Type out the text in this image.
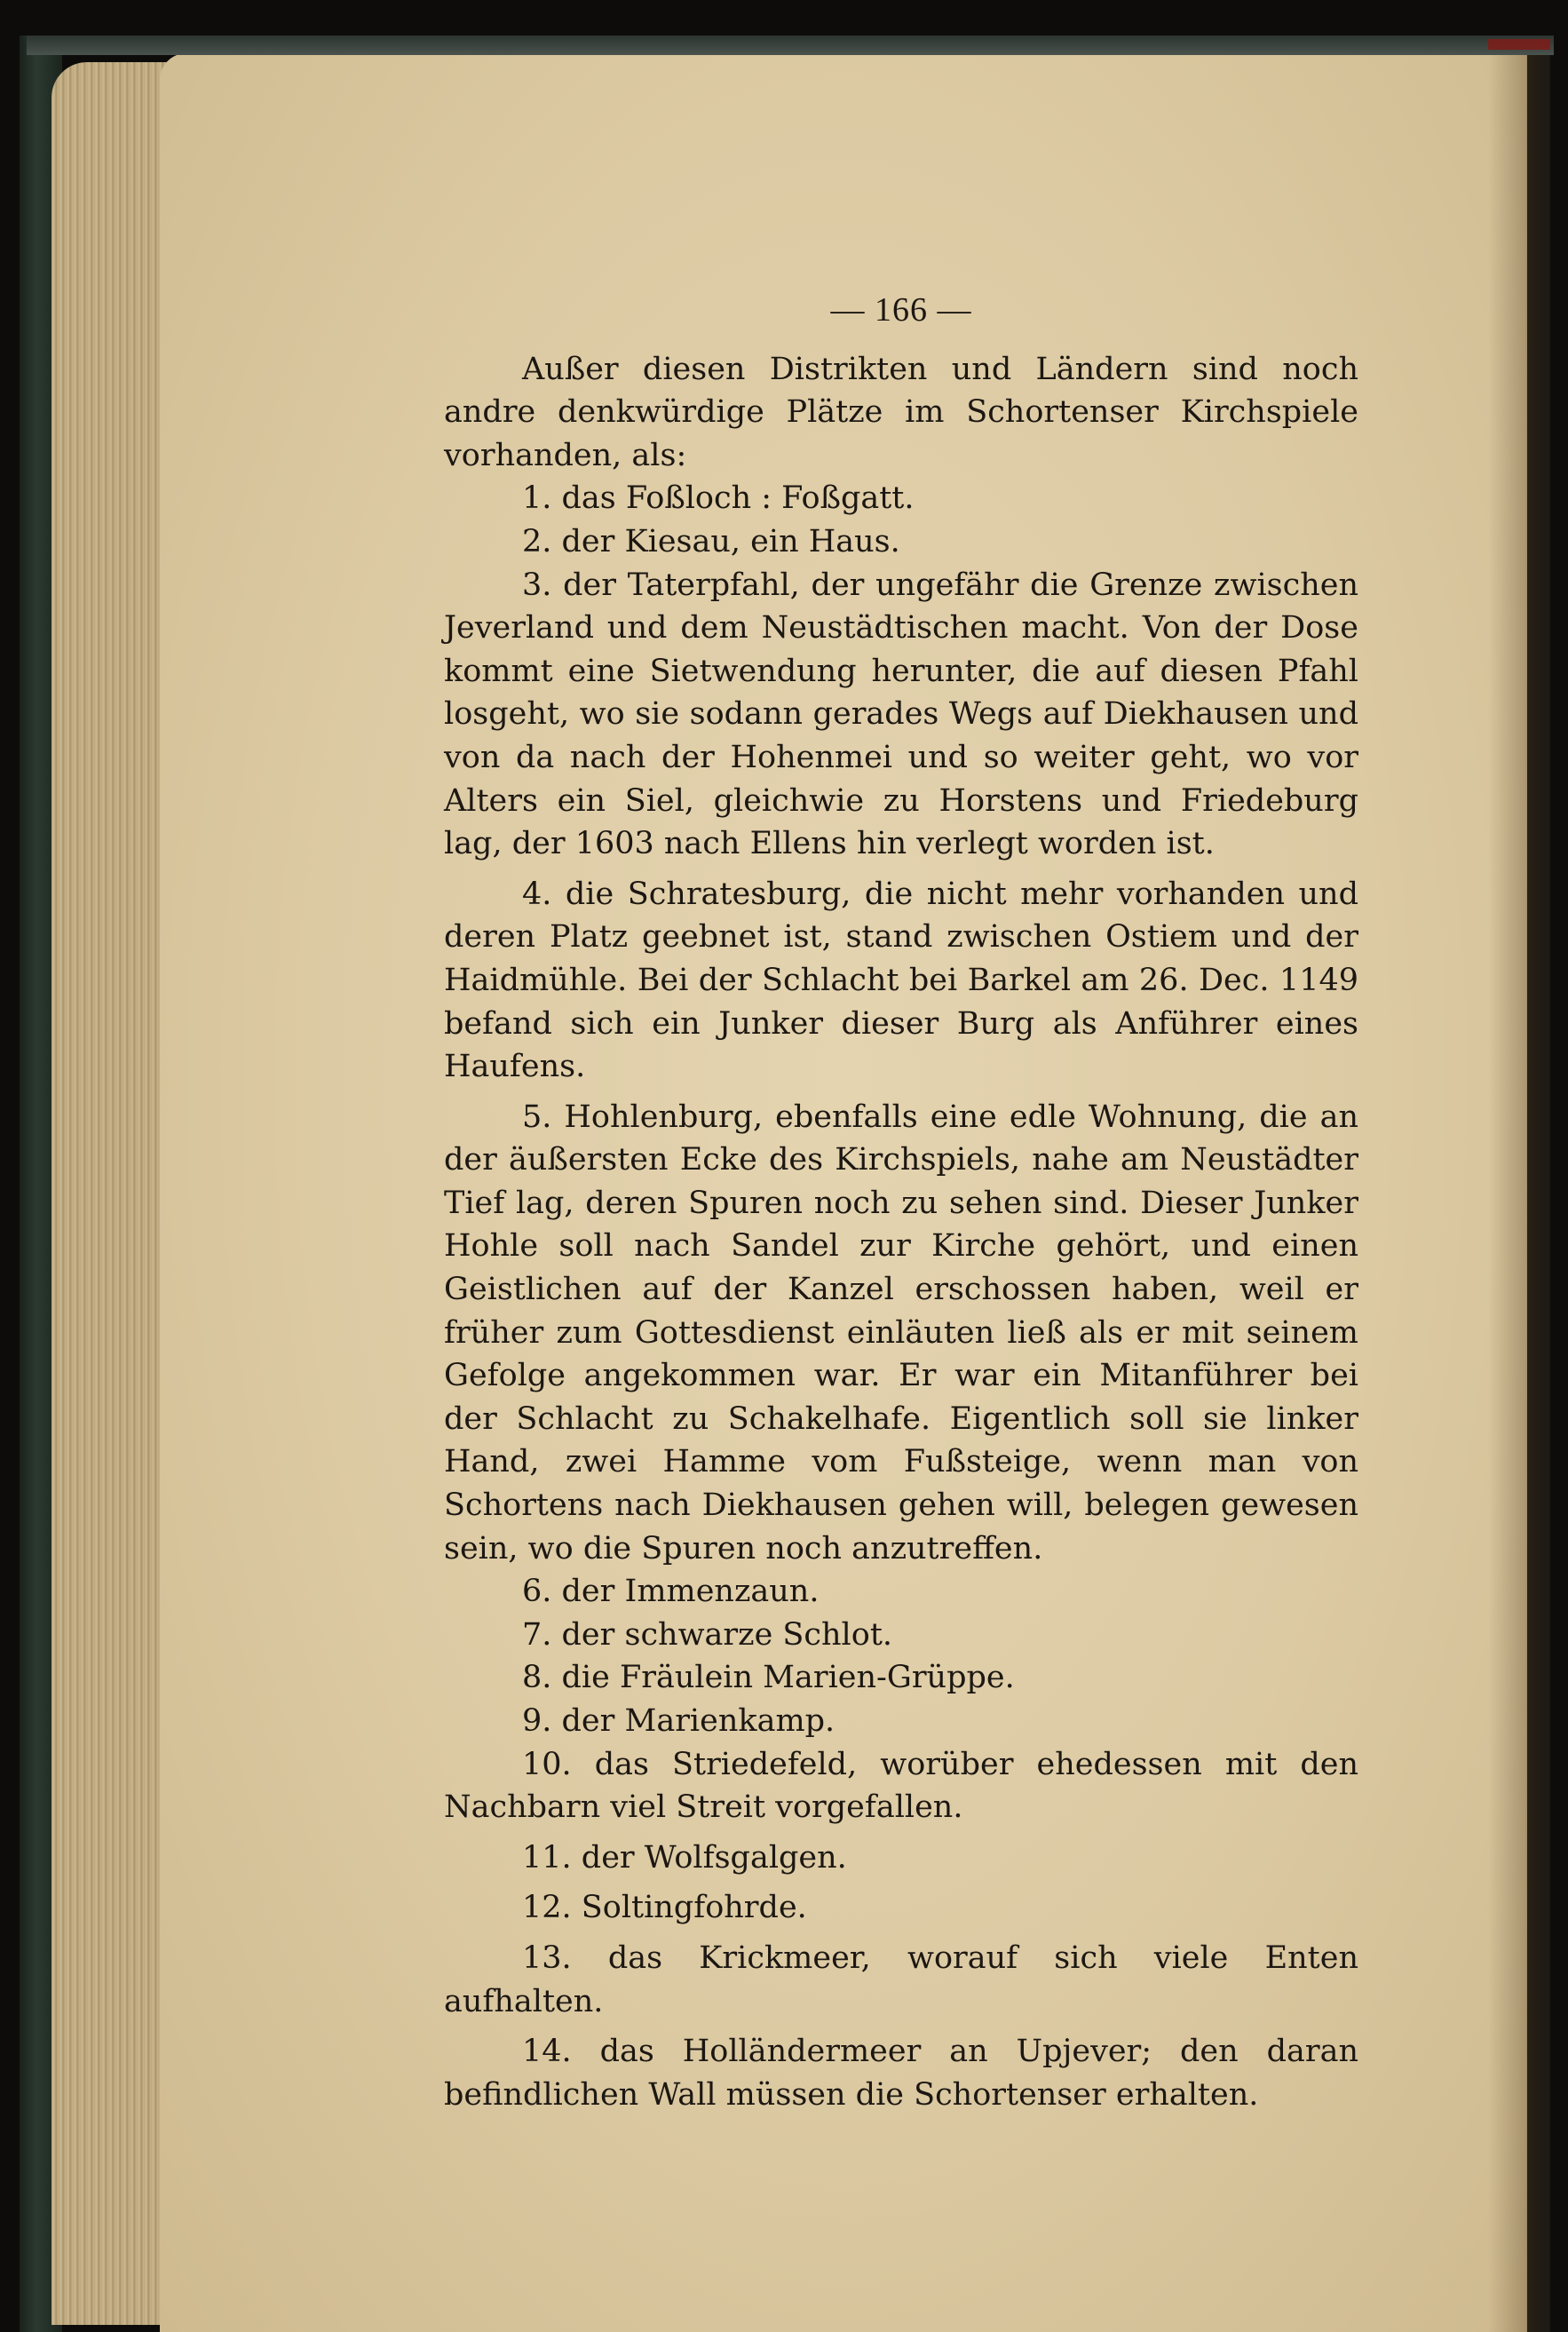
— 166 —

Außer diesen Distrikten und Ländern sind noch andre denkwürdige Plätze im Schortenser Kirchspiele vorhanden, als:

1. das Foßloch : Foßgatt.

2. der Kiesau, ein Haus.

3. der Taterpfahl, der ungefähr die Grenze zwischen Jeverland und dem Neustädtischen macht. Von der Dose kommt eine Sietwendung herunter, die auf diesen Pfahl losgeht, wo sie sodann gerades Wegs auf Diekhausen und von da nach der Hohenmei und so weiter geht, wo vor Alters ein Siel, gleichwie zu Horstens und Friedeburg lag, der 1603 nach Ellens hin verlegt worden ist.

4. die Schratesburg, die nicht mehr vorhanden und deren Platz geebnet ist, stand zwischen Ostiem und der Haidmühle. Bei der Schlacht bei Barkel am 26. Dec. 1149 befand sich ein Junker dieser Burg als Anführer eines Haufens.

5. Hohlenburg, ebenfalls eine edle Wohnung, die an der äußersten Ecke des Kirchspiels, nahe am Neustädter Tief lag, deren Spuren noch zu sehen sind. Dieser Junker Hohle soll nach Sandel zur Kirche gehört, und einen Geistlichen auf der Kanzel erschossen haben, weil er früher zum Gottesdienst einläuten ließ als er mit seinem Gefolge angekommen war. Er war ein Mitanführer bei der Schlacht zu Schakelhafe. Eigentlich soll sie linker Hand, zwei Hamme vom Fußsteige, wenn man von Schortens nach Diekhausen gehen will, belegen gewesen sein, wo die Spuren noch anzutreffen.

6. der Immenzaun.

7. der schwarze Schlot.

8. die Fräulein Marien-Grüppe.

9. der Marienkamp.

10. das Striedefeld, worüber ehedessen mit den Nachbarn viel Streit vorgefallen.

11. der Wolfsgalgen.

12. Soltingfohrde.

13. das Krickmeer, worauf sich viele Enten aufhalten.

14. das Holländermeer an Upjever; den daran befindlichen Wall müssen die Schortenser erhalten.
